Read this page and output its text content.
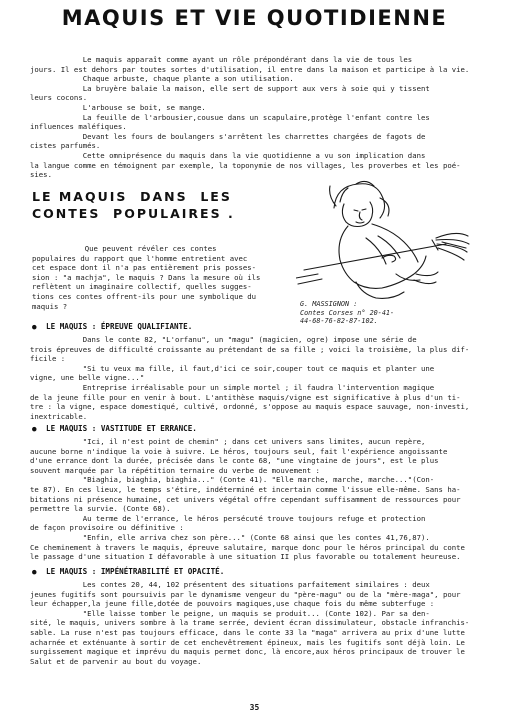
MAQUIS ET VIE QUOTIDIENNE

Le maquis apparaît comme ayant un rôle prépondérant dans la vie de tous les
jours. Il est dehors par toutes sortes d'utilisation, il entre dans la maison et participe à la vie.
Chaque arbuste, chaque plante a son utilisation.
La bruyère balaie la maison, elle sert de support aux vers à soie qui y tissent
leurs cocons.
L'arbouse se boit, se mange.
La feuille de l'arbousier,cousue dans un scapulaire,protège l'enfant contre les
influences maléfiques.
Devant les fours de boulangers s'arrêtent les charrettes chargées de fagots de
cistes parfumés.
Cette omniprésence du maquis dans la vie quotidienne a vu son implication dans
la langue comme en témoignent par exemple, la toponymie de nos villages, les proverbes et les poé-
sies.

LE MAQUIS  DANS  LES
CONTES  POPULAIRES .

Que peuvent révéler ces contes
populaires du rapport que l'homme entretient avec
cet espace dont il n'a pas entièrement pris posses-
sion : "a machja", le maquis ? Dans la mesure où ils
reflètent un imaginaire collectif, quelles sugges-
tions ces contes offrent-ils pour une symbolique du
maquis ?	G. MASSIGNON :
Contes Corses n° 20-41-
44-68-76-82-87-102.
● LE MAQUIS : ÉPREUVE QUALIFIANTE.

Dans le conte 82, "L'orfanu", un "magu" (magicien, ogre) impose une série de
trois épreuves de difficulté croissante au prétendant de sa fille ; voici la troisième, la plus dif-
ficile :
"Si tu veux ma fille, il faut,d'ici ce soir,couper tout ce maquis et planter une
vigne, une belle vigne..."
Entreprise irréalisable pour un simple mortel ; il faudra l'intervention magique
de la jeune fille pour en venir à bout. L'antithèse maquis/vigne est significative à plus d'un ti-
tre : la vigne, espace domestiqué, cultivé, ordonné, s'oppose au maquis espace sauvage, non-investi,
inextricable.

● LE MAQUIS : VASTITUDE ET ERRANCE.

"Ici, il n'est point de chemin" ; dans cet univers sans limites, aucun repère,
aucune borne n'indique la voie à suivre. Le héros, toujours seul, fait l'expérience angoissante
d'une errance dont la durée, précisée dans le conte 68, "une vingtaine de jours", est le plus
souvent marquée par la répétition ternaire du verbe de mouvement :
"Biaghia, biaghia, biaghia..." (Conte 41). "Elle marche, marche, marche..."(Con-
te 87). En ces lieux, le temps s'étire, indéterminé et incertain comme l'issue elle-même. Sans ha-
bitations ni présence humaine, cet univers végétal offre cependant suffisamment de ressources pour
permettre la survie. (Conte 68).
Au terme de l'errance, le héros persécuté trouve toujours refuge et protection
de façon provisoire ou définitive :
"Enfin, elle arriva chez son père..." (Conte 68 ainsi que les contes 41,76,87).
Ce cheminement à travers le maquis, épreuve salutaire, marque donc pour le héros principal du conte
le passage d'une situation I défavorable à une situation II plus favorable ou totalement heureuse.

● LE MAQUIS : IMPÉNÉTRABILITÉ ET OPACITÉ.

Les contes 20, 44, 102 présentent des situations parfaitement similaires : deux
jeunes fugitifs sont poursuivis par le dynamisme vengeur du "père-magu" ou de la "mère-maga", pour
leur échapper,la jeune fille,dotée de pouvoirs magiques,use chaque fois du même subterfuge :
"Elle laisse tomber le peigne, un maquis se produit... (Conte 102). Par sa den-
sité, le maquis, univers sombre à la trame serrée, devient écran dissimulateur, obstacle infranchis-
sable. La ruse n'est pas toujours efficace, dans le conte 33 la "maga" arrivera au prix d'une lutte
acharnée et exténuante à sortir de cet enchevêtrement épineux, mais les fugitifs sont déjà loin. Le
surgissement magique et imprévu du maquis permet donc, là encore,aux héros principaux de trouver le
Salut et de parvenir au bout du voyage.

35
